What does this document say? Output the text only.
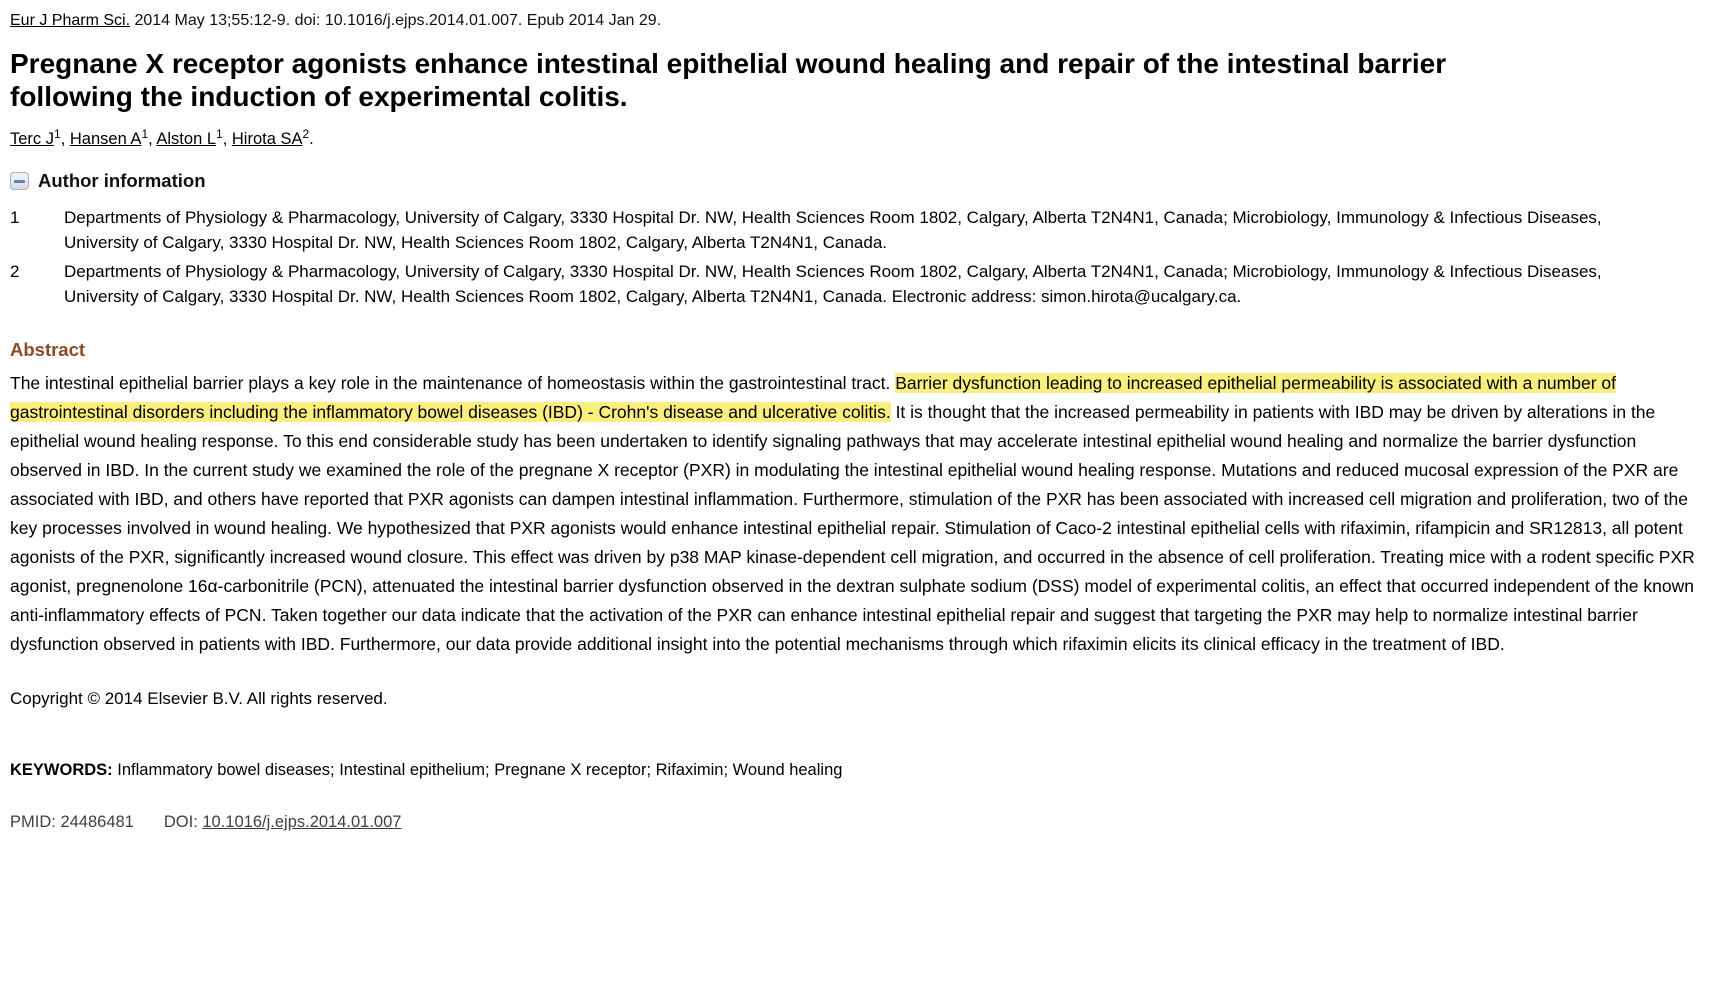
Eur J Pharm Sci. 2014 May 13;55:12-9. doi: 10.1016/j.ejps.2014.01.007. Epub 2014 Jan 29.
Pregnane X receptor agonists enhance intestinal epithelial wound healing and repair of the intestinal barrier following the induction of experimental colitis.
Terc $J^1$, Hansen $A^1$, Alston $L^1$, Hirota $SA^2$.
Author information
1	Departments of Physiology & Pharmacology, University of Calgary, 3330 Hospital Dr. NW, Health Sciences Room 1802, Calgary, Alberta T2N4N1, Canada; Microbiology, Immunology & Infectious Diseases, University of Calgary, 3330 Hospital Dr. NW, Health Sciences Room 1802, Calgary, Alberta T2N4N1, Canada.
2	Departments of Physiology & Pharmacology, University of Calgary, 3330 Hospital Dr. NW, Health Sciences Room 1802, Calgary, Alberta T2N4N1, Canada; Microbiology, Immunology & Infectious Diseases, University of Calgary, 3330 Hospital Dr. NW, Health Sciences Room 1802, Calgary, Alberta T2N4N1, Canada. Electronic address: simon.hirota@ucalgary.ca.
Abstract

The intestinal epithelial barrier plays a key role in the maintenance of homeostasis within the gastrointestinal tract. Barrier dysfunction leading to increased epithelial permeability is associated with a number of gastrointestinal disorders including the inflammatory bowel diseases (IBD) - Crohn's disease and ulcerative colitis. It is thought that the increased permeability in patients with IBD may be driven by alterations in the epithelial wound healing response. To this end considerable study has been undertaken to identify signaling pathways that may accelerate intestinal epithelial wound healing and normalize the barrier dysfunction observed in IBD. In the current study we examined the role of the pregnane X receptor (PXR) in modulating the intestinal epithelial wound healing response. Mutations and reduced mucosal expression of the PXR are associated with IBD, and others have reported that PXR agonists can dampen intestinal inflammation. Furthermore, stimulation of the PXR has been associated with increased cell migration and proliferation, two of the key processes involved in wound healing. We hypothesized that PXR agonists would enhance intestinal epithelial repair. Stimulation of Caco-2 intestinal epithelial cells with rifaximin, rifampicin and SR12813, all potent agonists of the PXR, significantly increased wound closure. This effect was driven by p38 MAP kinase-dependent cell migration, and occurred in the absence of cell proliferation. Treating mice with a rodent specific PXR agonist, pregnenolone 16α-carbonitrile (PCN), attenuated the intestinal barrier dysfunction observed in the dextran sulphate sodium (DSS) model of experimental colitis, an effect that occurred independent of the known anti-inflammatory effects of PCN. Taken together our data indicate that the activation of the PXR can enhance intestinal epithelial repair and suggest that targeting the PXR may help to normalize intestinal barrier dysfunction observed in patients with IBD. Furthermore, our data provide additional insight into the potential mechanisms through which rifaximin elicits its clinical efficacy in the treatment of IBD.

Copyright © 2014 Elsevier B.V. All rights reserved.
KEYWORDS: Inflammatory bowel diseases; Intestinal epithelium; Pregnane X receptor; Rifaximin; Wound healing
PMID: 24486481 DOI: 10.1016/j.ejps.2014.01.007
